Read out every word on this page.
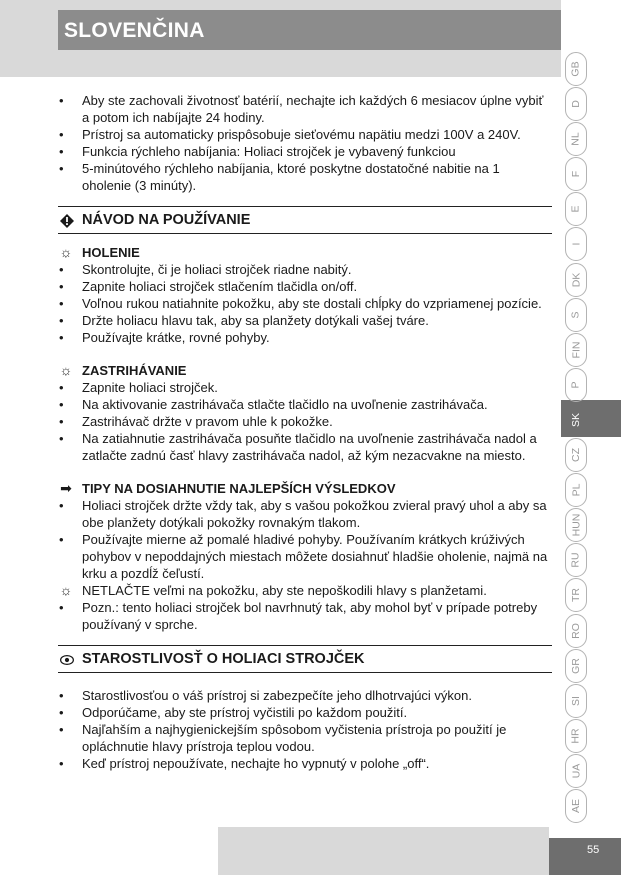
SLOVENČINA
GB
D
NL
F
E
I
DK
S
FIN
P
SK
CZ
PL
HUN
RU
TR
RO
GR
SI
HR
UA
AE
55
• Aby ste zachovali životnosť batérií, nechajte ich každých 6 mesiacov úplne vybiť a potom ich nabíjajte 24 hodiny.
• Prístroj sa automaticky prispôsobuje sieťovému napätiu medzi 100V a 240V.
• Funkcia rýchleho nabíjania: Holiaci strojček je vybavený funkciou
• 5-minútového rýchleho nabíjania, ktoré poskytne dostatočné nabitie na 1 oholenie (3 minúty).
NÁVOD NA POUŽÍVANIE
☼ HOLENIE
• Skontrolujte, či je holiaci strojček riadne nabitý.
• Zapnite holiaci strojček stlačením tlačidla on/off.
• Voľnou rukou natiahnite pokožku, aby ste dostali chĺpky do vzpriamenej pozície.
• Držte holiacu hlavu tak, aby sa planžety dotýkali vašej tváre.
• Používajte krátke, rovné pohyby.
☼ ZASTRIHÁVANIE
• Zapnite holiaci strojček.
• Na aktivovanie zastrihávača stlačte tlačidlo na uvoľnenie zastrihávača.
• Zastrihávač držte v pravom uhle k pokožke.
• Na zatiahnutie zastrihávača posuňte tlačidlo na uvoľnenie zastrihávača nadol a zatlačte zadnú časť hlavy zastrihávača nadol, až kým nezacvakne na miesto.
➡ TIPY NA DOSIAHNUTIE NAJLEPŠÍCH VÝSLEDKOV
• Holiaci strojček držte vždy tak, aby s vašou pokožkou zvieral pravý uhol a aby sa obe planžety dotýkali pokožky rovnakým tlakom.
• Používajte mierne až pomalé hladivé pohyby. Používaním krátkych krúživých pohybov v nepoddajných miestach môžete dosiahnuť hladšie oholenie, najmä na krku a pozdĺž čeľustí.
☼ NETLAČTE veľmi na pokožku, aby ste nepoškodili hlavy s planžetami.
• Pozn.: tento holiaci strojček bol navrhnutý tak, aby mohol byť v prípade potreby používaný v sprche.
STAROSTLIVOSŤ O HOLIACI STROJČEK
• Starostlivosťou o váš prístroj si zabezpečíte jeho dlhotrvajúci výkon.
• Odporúčame, aby ste prístroj vyčistili po každom použití.
• Najľahším a najhygienickejším spôsobom vyčistenia prístroja po použití je opláchnutie hlavy prístroja teplou vodou.
• Keď prístroj nepoužívate, nechajte ho vypnutý v polohe „off“.
